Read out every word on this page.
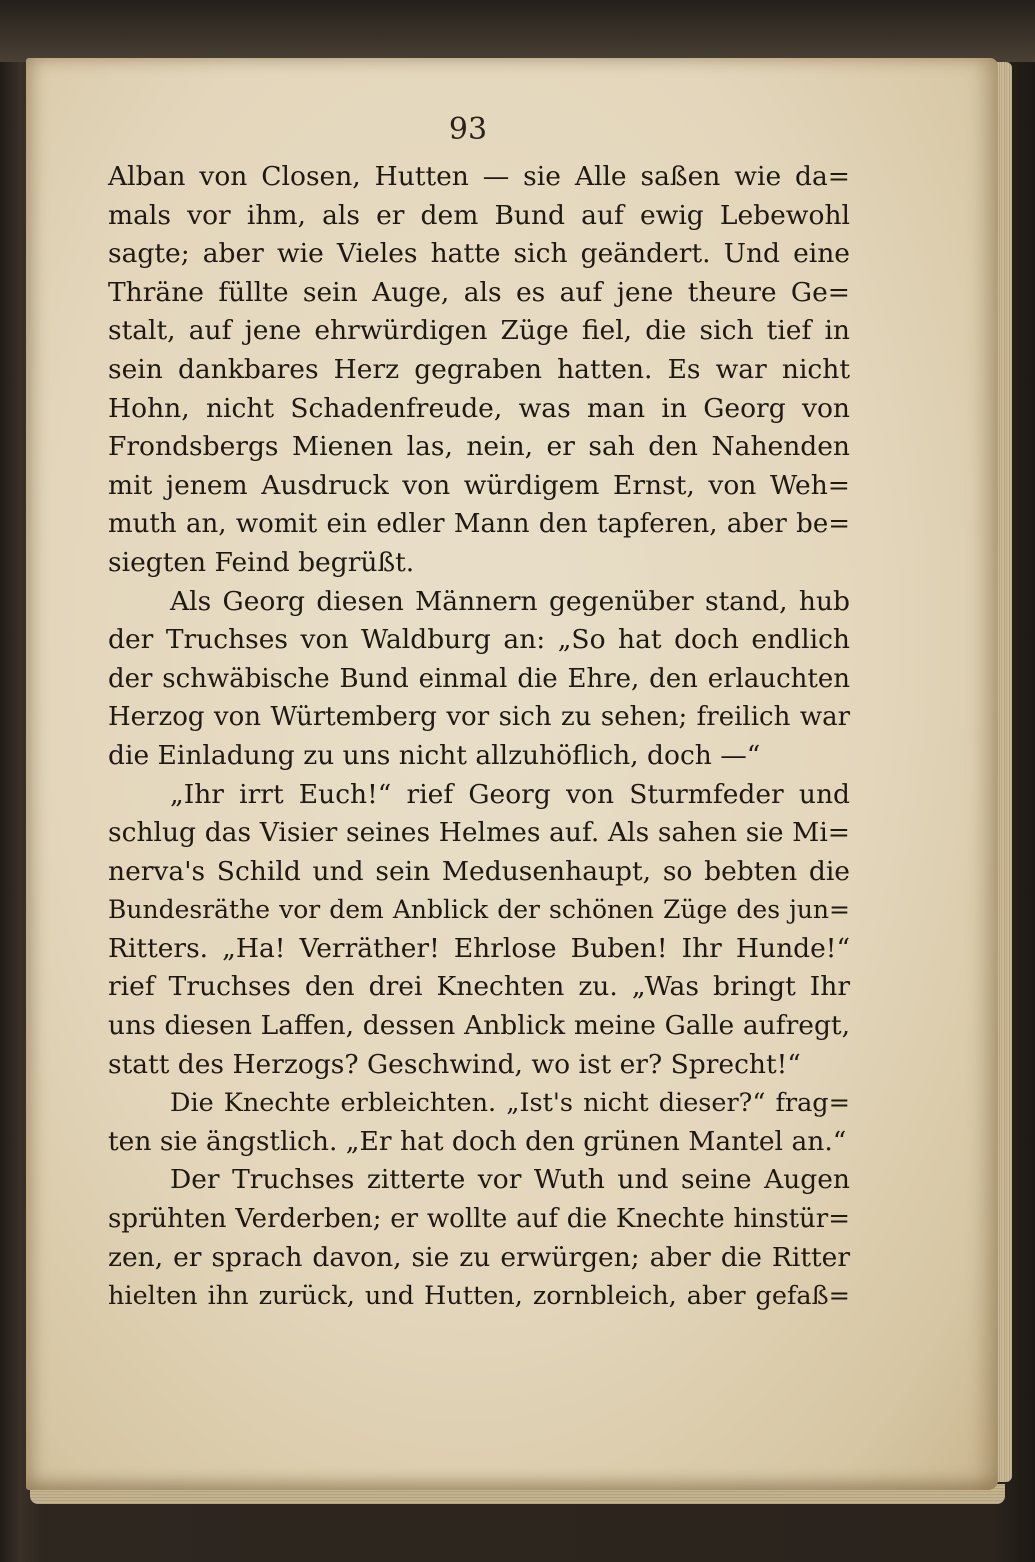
93
Alban von Closen, Hutten — sie Alle saßen wie da=
mals vor ihm, als er dem Bund auf ewig Lebewohl
sagte; aber wie Vieles hatte sich geändert. Und eine
Thräne füllte sein Auge, als es auf jene theure Ge=
stalt, auf jene ehrwürdigen Züge fiel, die sich tief in
sein dankbares Herz gegraben hatten. Es war nicht
Hohn, nicht Schadenfreude, was man in Georg von
Frondsbergs Mienen las, nein, er sah den Nahenden
mit jenem Ausdruck von würdigem Ernst, von Weh=
muth an, womit ein edler Mann den tapferen, aber be=
siegten Feind begrüßt.
Als Georg diesen Männern gegenüber stand, hub
der Truchses von Waldburg an: „So hat doch endlich
der schwäbische Bund einmal die Ehre, den erlauchten
Herzog von Würtemberg vor sich zu sehen; freilich war
die Einladung zu uns nicht allzuhöflich, doch —“
„Ihr irrt Euch!“ rief Georg von Sturmfeder und
schlug das Visier seines Helmes auf. Als sahen sie Mi=
nerva's Schild und sein Medusenhaupt, so bebten die
Bundesräthe vor dem Anblick der schönen Züge des jun=
Ritters. „Ha! Verräther! Ehrlose Buben! Ihr Hunde!“
rief Truchses den drei Knechten zu. „Was bringt Ihr
uns diesen Laffen, dessen Anblick meine Galle aufregt,
statt des Herzogs? Geschwind, wo ist er? Sprecht!“
Die Knechte erbleichten. „Ist's nicht dieser?“ frag=
ten sie ängstlich. „Er hat doch den grünen Mantel an.“
Der Truchses zitterte vor Wuth und seine Augen
sprühten Verderben; er wollte auf die Knechte hinstür=
zen, er sprach davon, sie zu erwürgen; aber die Ritter
hielten ihn zurück, und Hutten, zornbleich, aber gefaß=
